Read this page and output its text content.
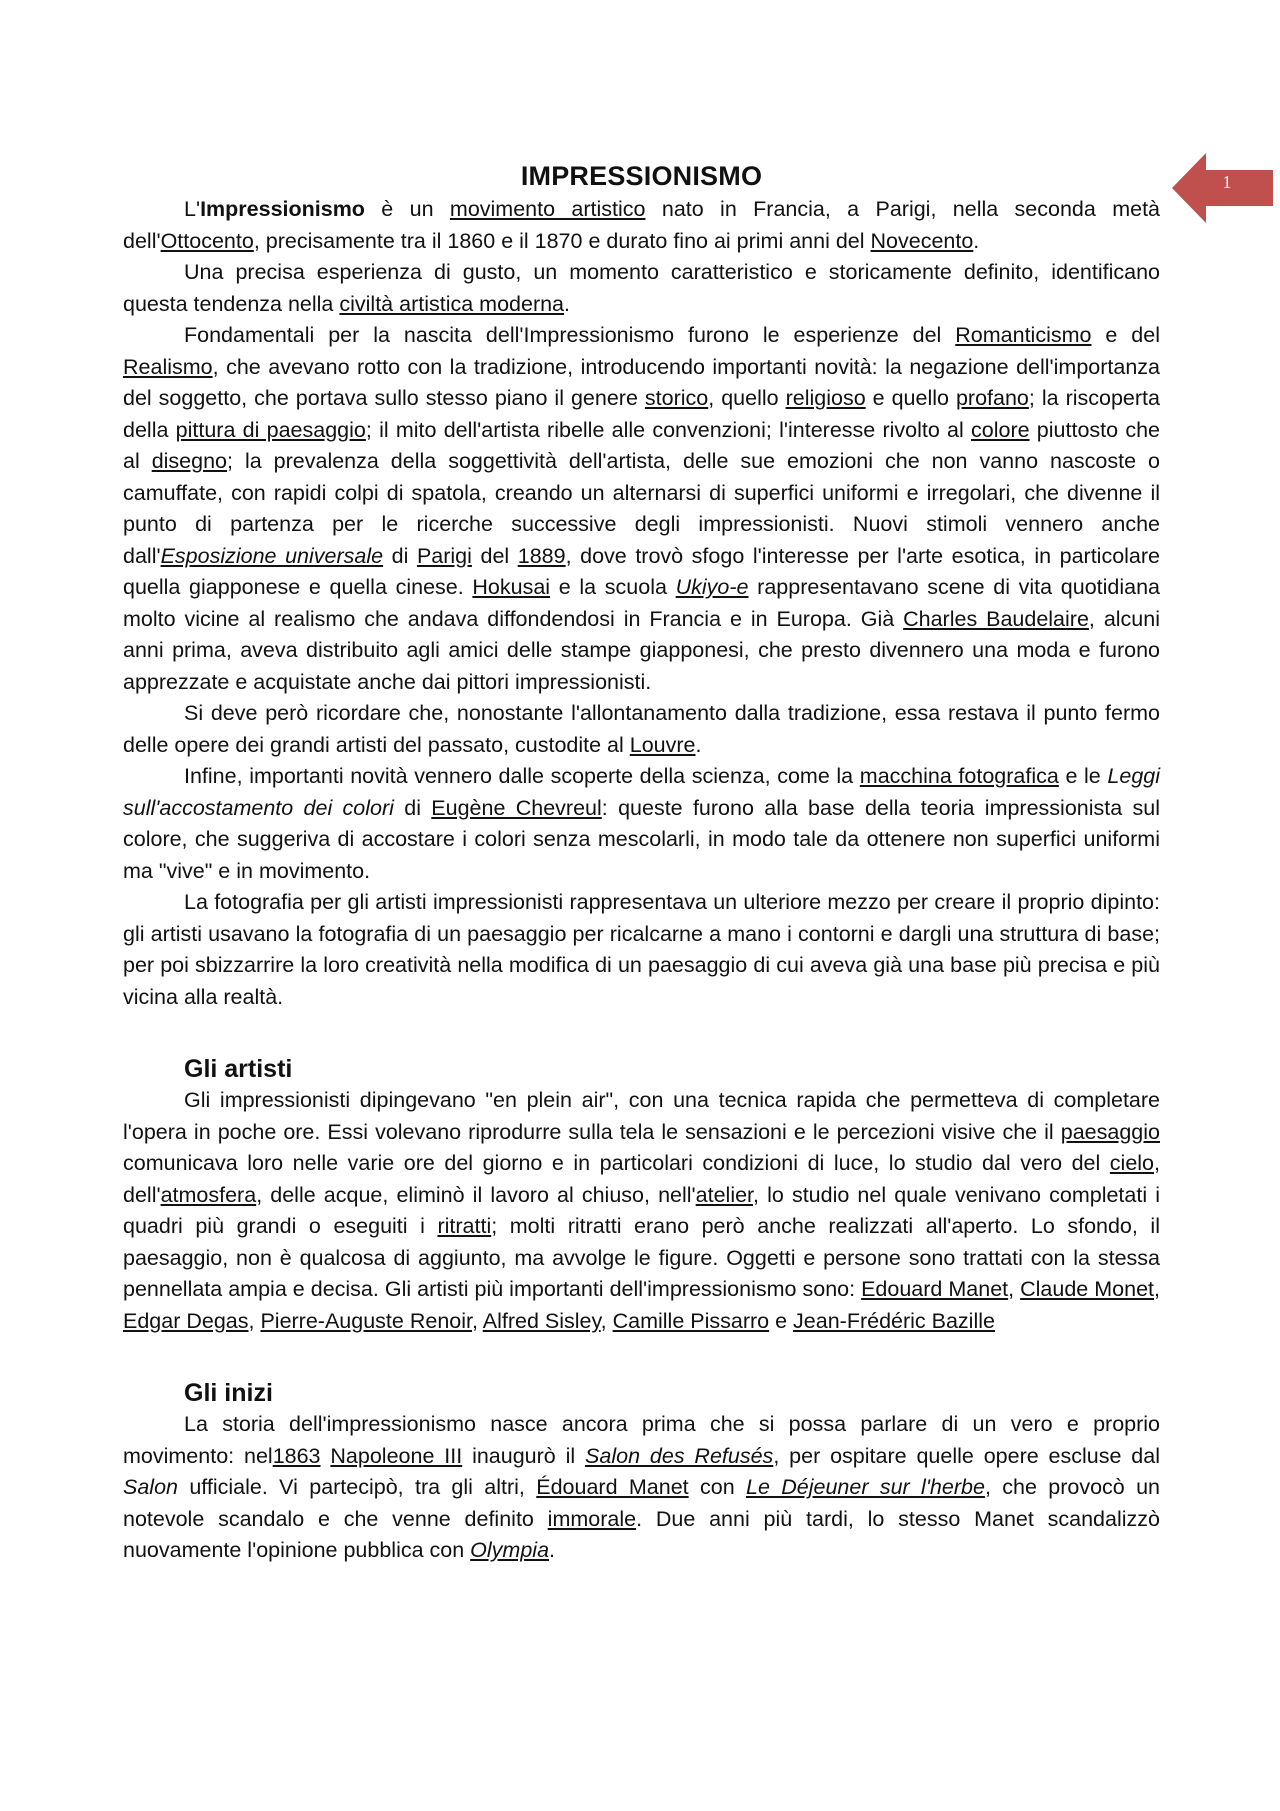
1
IMPRESSIONISMO

L'Impressionismo è un movimento artistico nato in Francia, a Parigi, nella seconda metà dell'Ottocento, precisamente tra il 1860 e il 1870 e durato fino ai primi anni del Novecento.

Una precisa esperienza di gusto, un momento caratteristico e storicamente definito, identificano questa tendenza nella civiltà artistica moderna.

Fondamentali per la nascita dell'Impressionismo furono le esperienze del Romanticismo e del Realismo, che avevano rotto con la tradizione, introducendo importanti novità: la negazione dell'importanza del soggetto, che portava sullo stesso piano il genere storico, quello religioso e quello profano; la riscoperta della pittura di paesaggio; il mito dell'artista ribelle alle convenzioni; l'interesse rivolto al colore piuttosto che al disegno; la prevalenza della soggettività dell'artista, delle sue emozioni che non vanno nascoste o camuffate, con rapidi colpi di spatola, creando un alternarsi di superfici uniformi e irregolari, che divenne il punto di partenza per le ricerche successive degli impressionisti. Nuovi stimoli vennero anche dall'Esposizione universale di Parigi del 1889, dove trovò sfogo l'interesse per l'arte esotica, in particolare quella giapponese e quella cinese. Hokusai e la scuola Ukiyo-e rappresentavano scene di vita quotidiana molto vicine al realismo che andava diffondendosi in Francia e in Europa. Già Charles Baudelaire, alcuni anni prima, aveva distribuito agli amici delle stampe giapponesi, che presto divennero una moda e furono apprezzate e acquistate anche dai pittori impressionisti.

Si deve però ricordare che, nonostante l'allontanamento dalla tradizione, essa restava il punto fermo delle opere dei grandi artisti del passato, custodite al Louvre.

Infine, importanti novità vennero dalle scoperte della scienza, come la macchina fotografica e le Leggi sull'accostamento dei colori di Eugène Chevreul: queste furono alla base della teoria impressionista sul colore, che suggeriva di accostare i colori senza mescolarli, in modo tale da ottenere non superfici uniformi ma "vive" e in movimento.

La fotografia per gli artisti impressionisti rappresentava un ulteriore mezzo per creare il proprio dipinto: gli artisti usavano la fotografia di un paesaggio per ricalcarne a mano i contorni e dargli una struttura di base; per poi sbizzarrire la loro creatività nella modifica di un paesaggio di cui aveva già una base più precisa e più vicina alla realtà.

Gli artisti

Gli impressionisti dipingevano "en plein air", con una tecnica rapida che permetteva di completare l'opera in poche ore. Essi volevano riprodurre sulla tela le sensazioni e le percezioni visive che il paesaggio comunicava loro nelle varie ore del giorno e in particolari condizioni di luce, lo studio dal vero del cielo, dell'atmosfera, delle acque, eliminò il lavoro al chiuso, nell'atelier, lo studio nel quale venivano completati i quadri più grandi o eseguiti i ritratti; molti ritratti erano però anche realizzati all'aperto. Lo sfondo, il paesaggio, non è qualcosa di aggiunto, ma avvolge le figure. Oggetti e persone sono trattati con la stessa pennellata ampia e decisa. Gli artisti più importanti dell'impressionismo sono: Edouard Manet, Claude Monet, Edgar Degas, Pierre-Auguste Renoir, Alfred Sisley, Camille Pissarro e Jean-Frédéric Bazille

Gli inizi

La storia dell'impressionismo nasce ancora prima che si possa parlare di un vero e proprio movimento: nel1863 Napoleone III inaugurò il Salon des Refusés, per ospitare quelle opere escluse dal Salon ufficiale. Vi partecipò, tra gli altri, Édouard Manet con Le Déjeuner sur l'herbe, che provocò un notevole scandalo e che venne definito immorale. Due anni più tardi, lo stesso Manet scandalizzò nuovamente l'opinione pubblica con Olympia.
